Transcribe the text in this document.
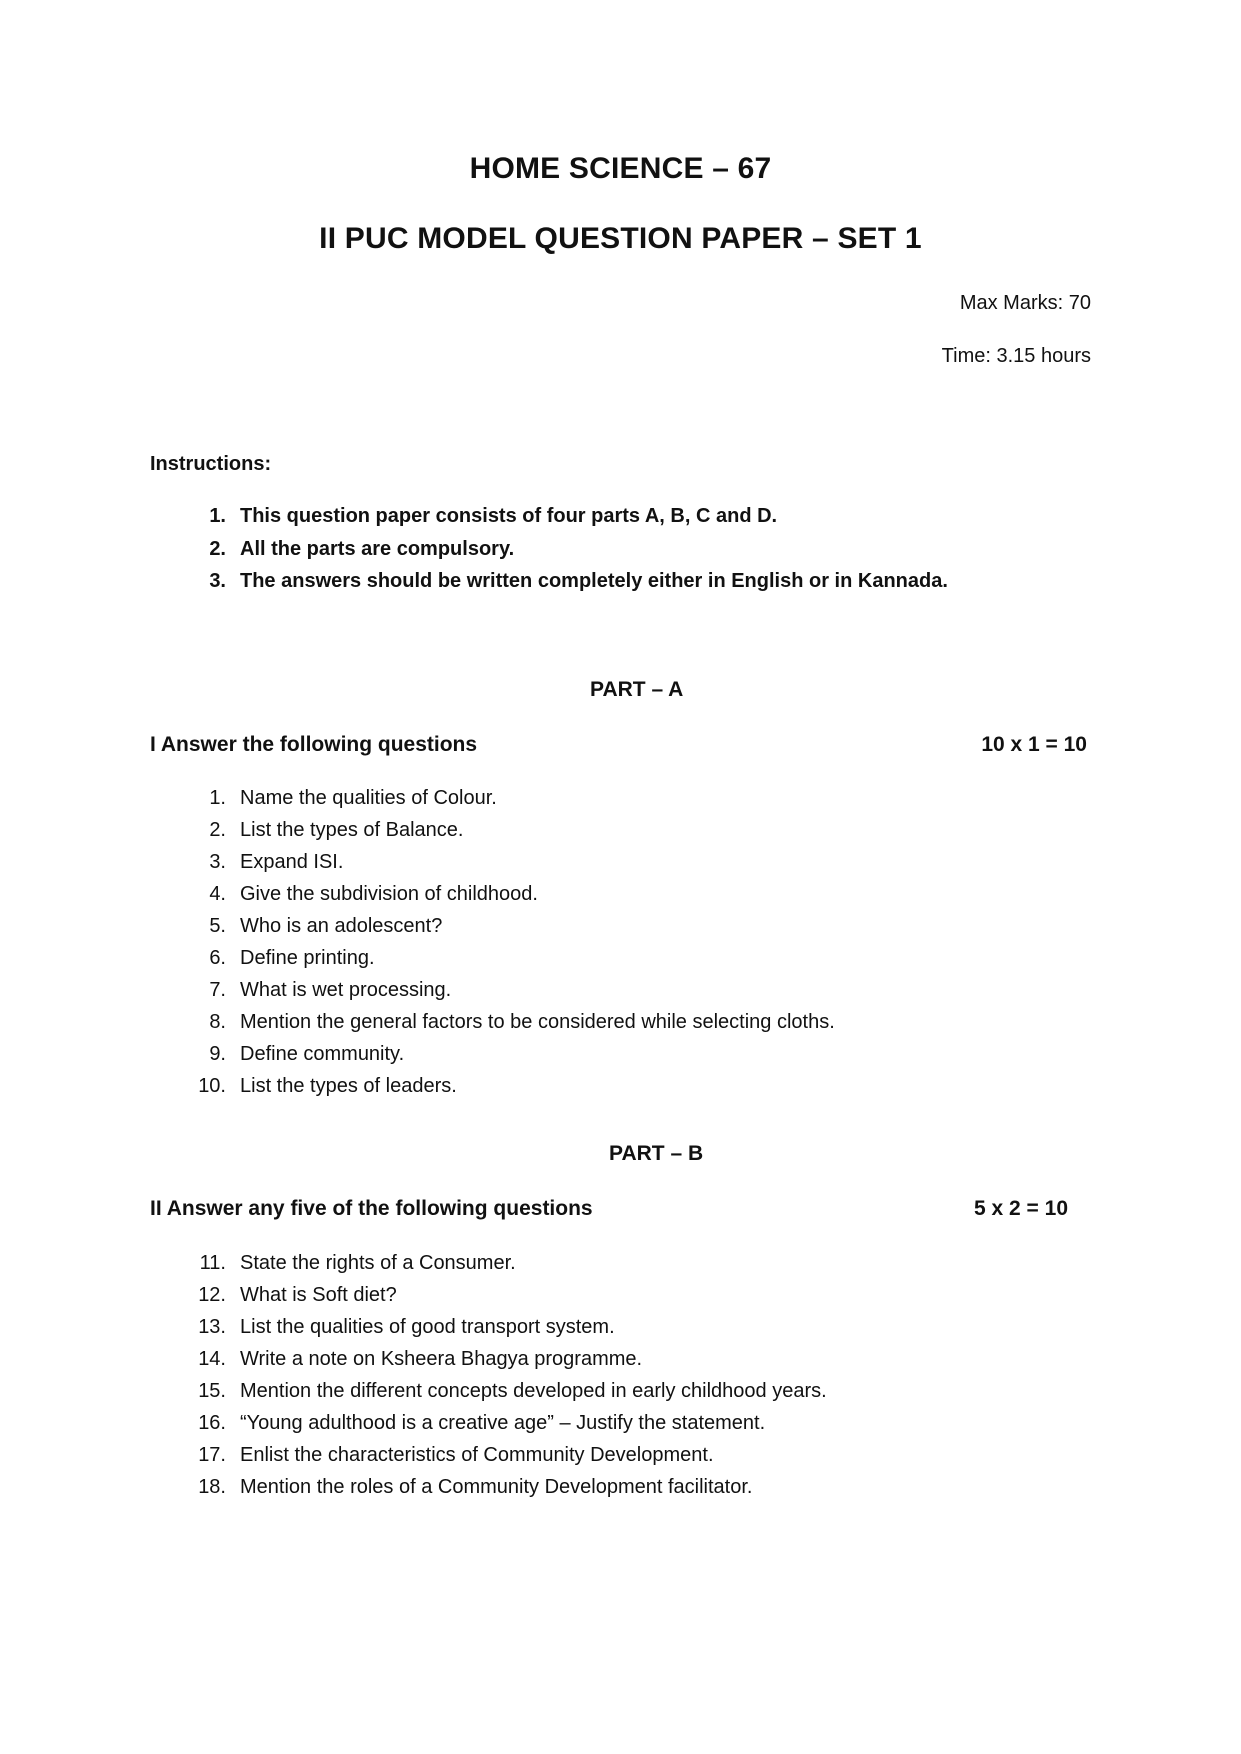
HOME SCIENCE – 67
II PUC MODEL QUESTION PAPER – SET 1
Max Marks: 70
Time: 3.15 hours
Instructions:
1. This question paper consists of four parts A, B, C and D.
2. All the parts are compulsory.
3. The answers should be written completely either in English or in Kannada.
PART – A
I Answer the following questions	10 x 1 = 10
1. Name the qualities of Colour.
2. List the types of Balance.
3. Expand ISI.
4. Give the subdivision of childhood.
5. Who is an adolescent?
6. Define printing.
7. What is wet processing.
8. Mention the general factors to be considered while selecting cloths.
9. Define community.
10. List the types of leaders.
PART – B
II Answer any five of the following questions	5 x 2 = 10
11. State the rights of a Consumer.
12. What is Soft diet?
13. List the qualities of good transport system.
14. Write a note on Ksheera Bhagya programme.
15. Mention the different concepts developed in early childhood years.
16. “Young adulthood is a creative age” – Justify the statement.
17. Enlist the characteristics of Community Development.
18. Mention the roles of a Community Development facilitator.
